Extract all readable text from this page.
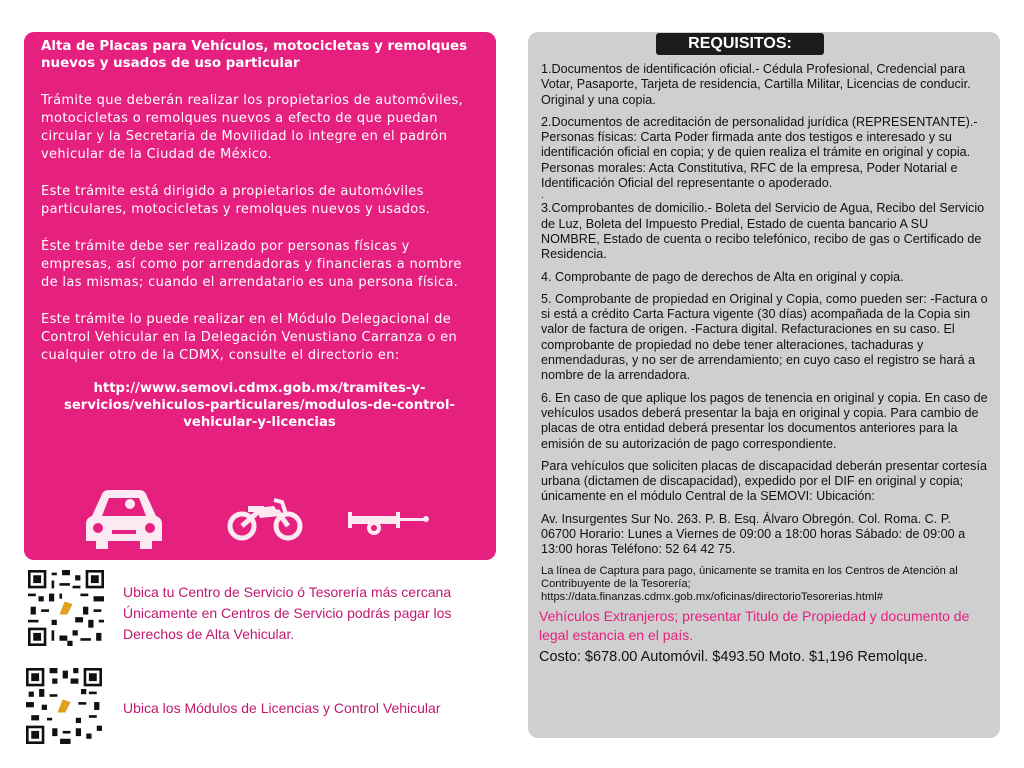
Alta de Placas para Vehículos, motocicletas y remolques nuevos y usados de uso particular

Trámite que deberán realizar los propietarios de automóviles, motocicletas o remolques nuevos a efecto de que puedan circular y la Secretaria de Movilidad lo integre en el padrón vehicular de la Ciudad de México.

Este trámite está dirigido a propietarios de automóviles particulares, motocicletas y remolques nuevos y usados.

Éste trámite debe ser realizado por personas físicas y empresas, así como por arrendadoras y financieras a nombre de las mismas; cuando el arrendatario es una persona física.

Este trámite lo puede realizar en el Módulo Delegacional de Control Vehicular en la Delegación Venustiano Carranza o en cualquier otro de la CDMX, consulte el directorio en:

http://www.semovi.cdmx.gob.mx/tramites-y-servicios/vehiculos-particulares/modulos-de-control-vehicular-y-licencias
Ubica tu Centro de Servicio ó Tesorería más cercana Únicamente en Centros de Servicio podrás pagar los Derechos de Alta Vehicular.
Ubica los Módulos de Licencias y Control Vehicular
1.Documentos de identificación oficial.- Cédula Profesional, Credencial para Votar, Pasaporte, Tarjeta de residencia, Cartilla Militar, Licencias de conducir. Original y una copia.
2.Documentos de acreditación de personalidad jurídica (REPRESENTANTE).- Personas físicas: Carta Poder firmada ante dos testigos e interesado y su identificación oficial en copia; y de quien realiza el trámite en original y copia. Personas morales: Acta Constitutiva, RFC de la empresa, Poder Notarial e Identificación Oficial del representante o apoderado.
.
3.Comprobantes de domicilio.- Boleta del Servicio de Agua, Recibo del Servicio de Luz, Boleta del Impuesto Predial, Estado de cuenta bancario A SU NOMBRE, Estado de cuenta o recibo telefónico, recibo de gas o Certificado de Residencia.
4. Comprobante de pago de derechos de Alta en original y copia.
5. Comprobante de propiedad en Original y Copia, como pueden ser: -Factura o si está a crédito Carta Factura vigente (30 días) acompañada de la Copia sin valor de factura de origen. -Factura digital. Refacturaciones en su caso. El comprobante de propiedad no debe tener alteraciones, tachaduras y enmendaduras, y no ser de arrendamiento; en cuyo caso el registro se hará a nombre de la arrendadora.
6. En caso de que aplique los pagos de tenencia en original y copia. En caso de vehículos usados deberá presentar la baja en original y copia. Para cambio de placas de otra entidad deberá presentar los documentos anteriores para la emisión de su autorización de pago correspondiente.
Para vehículos que soliciten placas de discapacidad deberán presentar cortesía urbana (dictamen de discapacidad), expedido por el DIF en original y copia; únicamente en el módulo Central de la SEMOVI: Ubicación:
Av. Insurgentes Sur No. 263. P. B. Esq. Álvaro Obregón. Col. Roma. C. P. 06700 Horario: Lunes a Viernes de 09:00 a 18:00 horas Sábado: de 09:00 a 13:00 horas Teléfono: 52 64 42 75.
La línea de Captura para pago, únicamente se tramita en los Centros de Atención al Contribuyente de la Tesorería; https://data.finanzas.cdmx.gob.mx/oficinas/directorioTesorerias.html#
Vehículos Extranjeros; presentar Titulo de Propiedad y documento de legal estancia en el país.
Costo: $678.00 Automóvil. $493.50 Moto. $1,196 Remolque.
REQUISITOS:
